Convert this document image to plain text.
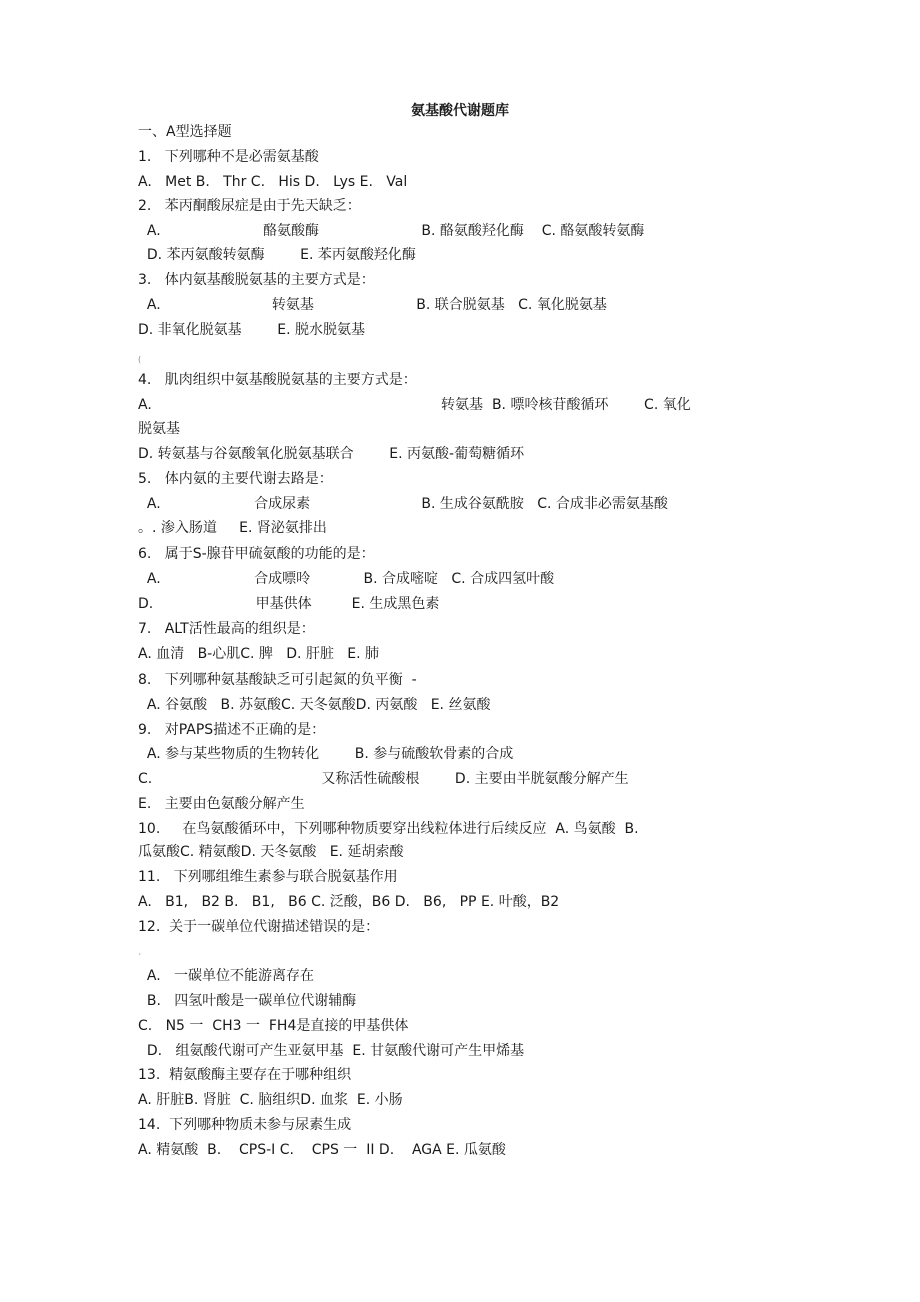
氨基酸代谢题库
一、A型选择题
1.   下列哪种不是必需氨基酸
A.   Met B.   Thr C.   His D.   Lys E.   Val
2.   苯丙酮酸尿症是由于先天缺乏：
A.                       酪氨酸酶                       B. 酪氨酸羟化酶    C. 酪氨酸转氨酶
D. 苯丙氨酸转氨酶        E. 苯丙氨酸羟化酶
3.   体内氨基酸脱氨基的主要方式是：
A.                         转氨基                       B. 联合脱氨基   C. 氧化脱氨基
D. 非氧化脱氨基        E. 脱水脱氨基
(
4.   肌肉组织中氨基酸脱氨基的主要方式是：
A.                                                                 转氨基  B. 嘌呤核苷酸循环        C. 氧化
脱氨基
D. 转氨基与谷氨酸氧化脱氨基联合        E. 丙氨酸-葡萄糖循环
5.   体内氨的主要代谢去路是：
A.                     合成尿素                         B. 生成谷氨酰胺   C. 合成非必需氨基酸
。. 渗入肠道     E. 肾泌氨排出
6.   属于S-腺苷甲硫氨酸的功能的是：
A.                     合成嘌呤            B. 合成嘧啶   C. 合成四氢叶酸
D.                       甲基供体         E. 生成黑色素
7.   ALT活性最高的组织是：
A. 血清   B-心肌C. 脾   D. 肝脏   E. 肺
8.   下列哪种氨基酸缺乏可引起氮的负平衡  -
A. 谷氨酸   B. 苏氨酸C. 天冬氨酸D. 丙氨酸   E. 丝氨酸
9.   对PAPS描述不正确的是：
A. 参与某些物质的生物转化        B. 参与硫酸软骨素的合成
C.                                      又称活性硫酸根        D. 主要由半胱氨酸分解产生
E.   主要由色氨酸分解产生
10.     在鸟氨酸循环中，下列哪种物质要穿出线粒体进行后续反应  A. 鸟氨酸  B.
瓜氨酸C. 精氨酸D. 天冬氨酸   E. 延胡索酸
11.   下列哪组维生素参与联合脱氨基作用
A.   B1,   B2 B.   B1,   B6 C. 泛酸，B6 D.   B6,   PP E. 叶酸，B2
12.  关于一碳单位代谢描述错误的是：
`
A.   一碳单位不能游离存在
B.   四氢叶酸是一碳单位代谢辅酶
C.   N5 一  CH3 一  FH4是直接的甲基供体
D.   组氨酸代谢可产生亚氨甲基  E. 甘氨酸代谢可产生甲烯基
13.  精氨酸酶主要存在于哪种组织
A. 肝脏B. 肾脏  C. 脑组织D. 血浆  E. 小肠
14.  下列哪种物质未参与尿素生成
A. 精氨酸  B.    CPS-I C.    CPS 一  II D.    AGA E. 瓜氨酸
